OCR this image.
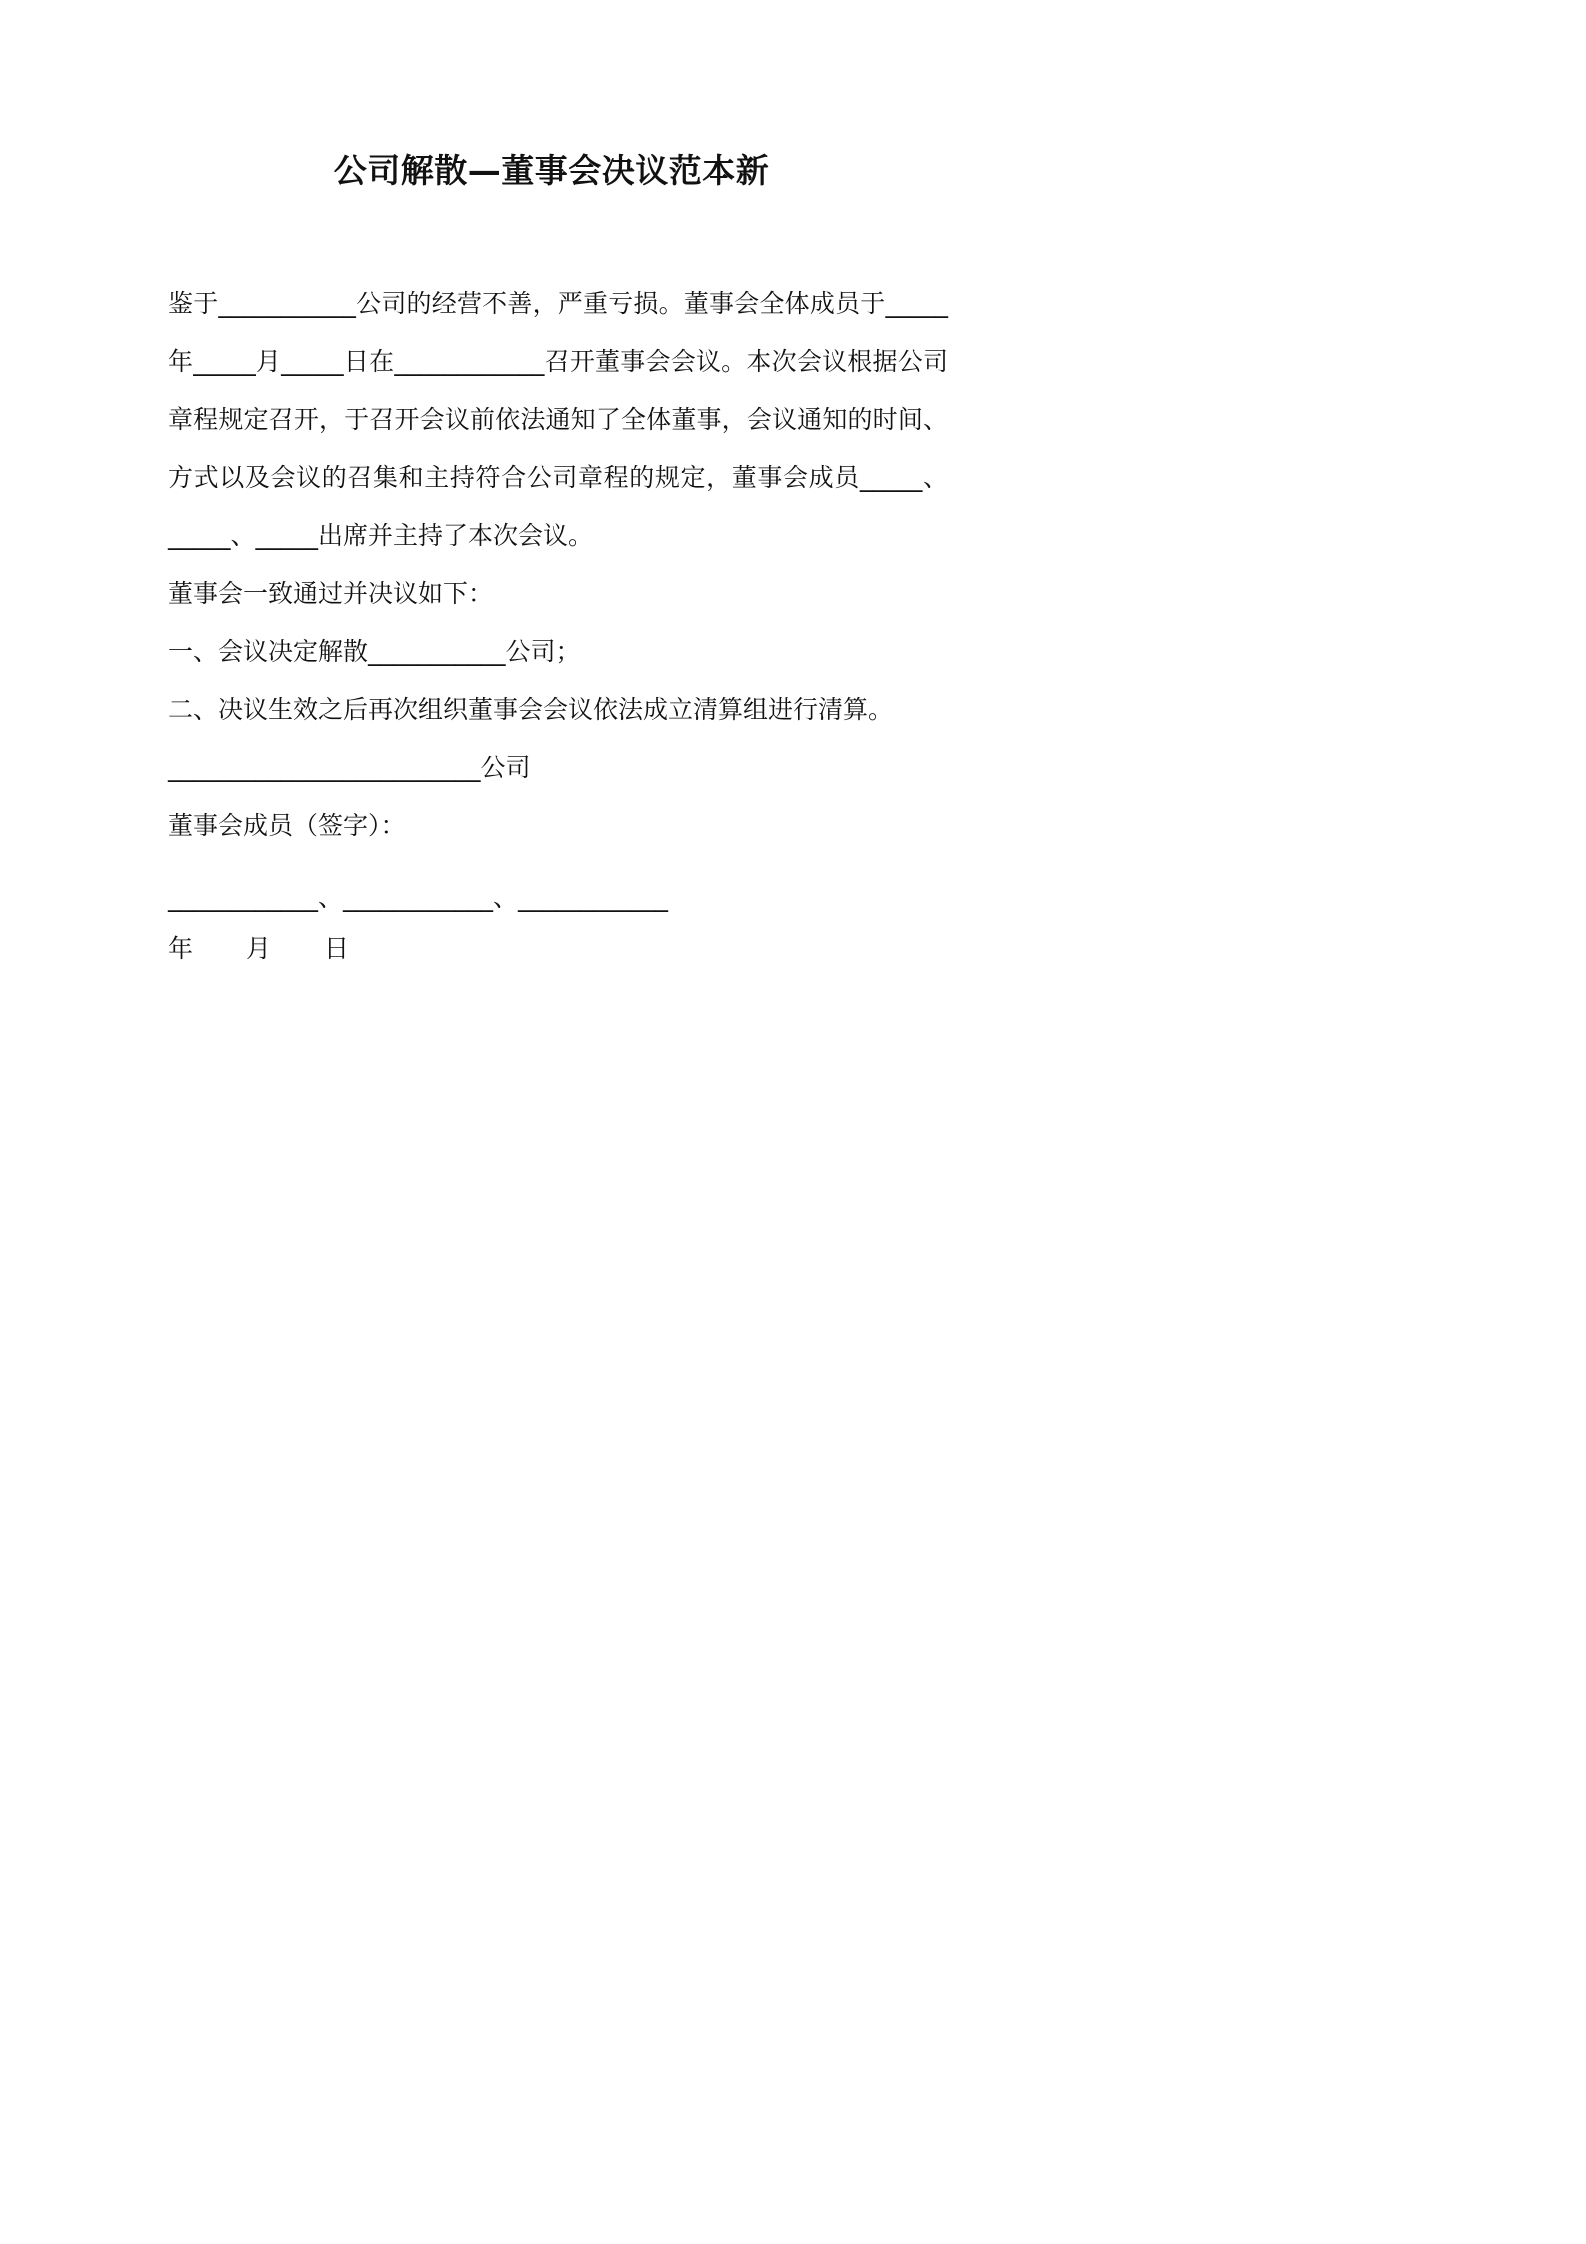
公司解散—董事会决议范本新

鉴于___________公司的经营不善，严重亏损。董事会全体成员于_____年_____月_____日在____________召开董事会会议。本次会议根据公司章程规定召开，于召开会议前依法通知了全体董事，会议通知的时间、方式以及会议的召集和主持符合公司章程的规定，董事会成员_____、_____、_____出席并主持了本次会议。

董事会一致通过并决议如下：
一、会议决定解散___________公司；
二、决议生效之后再次组织董事会会议依法成立清算组进行清算。
_________________________公司
董事会成员（签字）：
____________、____________、____________
年 月 日
